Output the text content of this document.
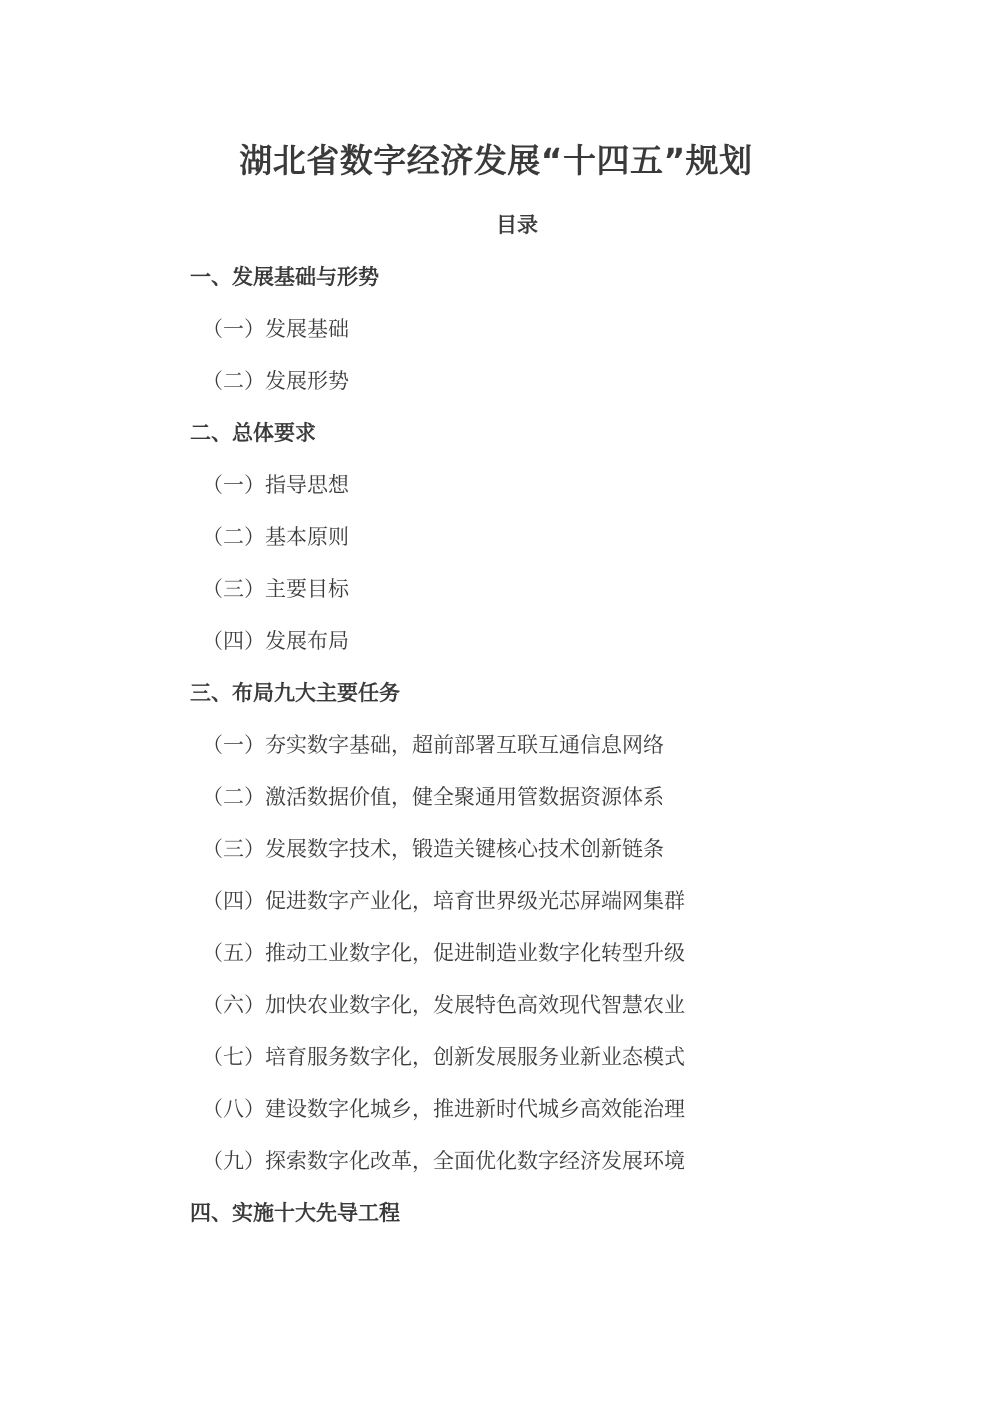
湖北省数字经济发展“十四五”规划
目录
一、发展基础与形势
（一）发展基础
（二）发展形势
二、总体要求
（一）指导思想
（二）基本原则
（三）主要目标
（四）发展布局
三、布局九大主要任务
（一）夯实数字基础，超前部署互联互通信息网络
（二）激活数据价值，健全聚通用管数据资源体系
（三）发展数字技术，锻造关键核心技术创新链条
（四）促进数字产业化，培育世界级光芯屏端网集群
（五）推动工业数字化，促进制造业数字化转型升级
（六）加快农业数字化，发展特色高效现代智慧农业
（七）培育服务数字化，创新发展服务业新业态模式
（八）建设数字化城乡，推进新时代城乡高效能治理
（九）探索数字化改革，全面优化数字经济发展环境
四、实施十大先导工程
